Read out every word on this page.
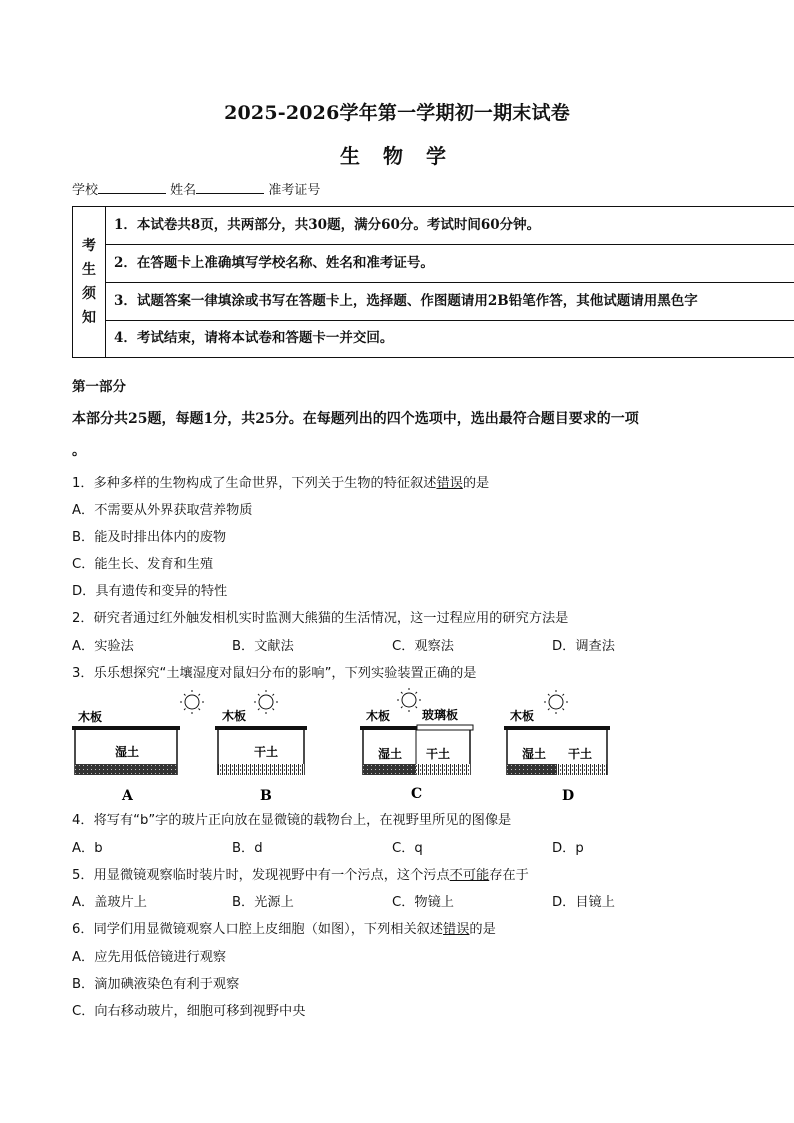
2025-2026学年第一学期初一期末试卷
生 物 学
学校	姓名	准考证号
考
生
须
知
1．本试卷共8页，共两部分，共30题，满分60分。考试时间60分钟。
2．在答题卡上准确填写学校名称、姓名和准考证号。
3．试题答案一律填涂或书写在答题卡上，选择题、作图题请用2B铅笔作答，其他试题请用黑色字
4．考试结束，请将本试卷和答题卡一并交回。
第一部分
本部分共25题，每题1分，共25分。在每题列出的四个选项中，选出最符合题目要求的一项
。
1．多种多样的生物构成了生命世界，下列关于生物的特征叙述错误的是
A．不需要从外界获取营养物质
B．能及时排出体内的废物
C．能生长、发育和生殖
D．具有遗传和变异的特性
2．研究者通过红外触发相机实时监测大熊猫的生活情况，这一过程应用的研究方法是
A．实验法	B．文献法	C．观察法	D．调查法
3．乐乐想探究“土壤湿度对鼠妇分布的影响”，下列实验装置正确的是
木板
湿土
木板
干土
木板	玻璃板
湿土 干土
木板
湿土 干土
A	B	C	D
4．将写有“b”字的玻片正向放在显微镜的载物台上，在视野里所见的图像是
A．b	B．d	C．q	D．p
5．用显微镜观察临时装片时，发现视野中有一个污点，这个污点不可能存在于
A．盖玻片上	B．光源上	C．物镜上	D．目镜上
6．同学们用显微镜观察人口腔上皮细胞（如图），下列相关叙述错误的是
A．应先用低倍镜进行观察
B．滴加碘液染色有利于观察
C．向右移动玻片，细胞可移到视野中央
